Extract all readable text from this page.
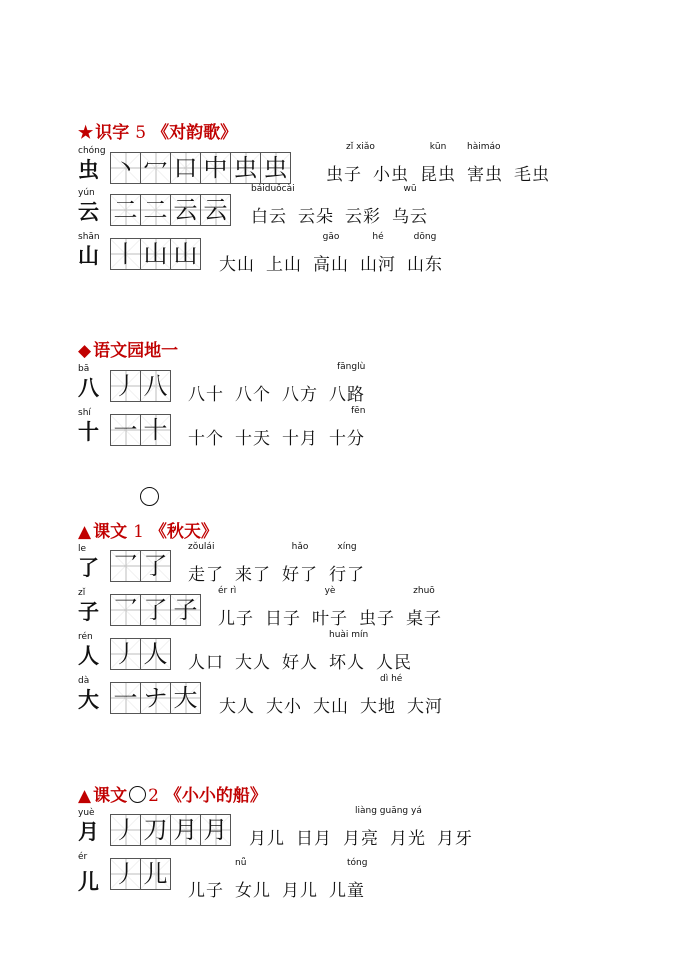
★ 识字 5 《对韵歌》
chóng
虫 丶 冖 口 中 虫 虫
zǐ xiǎo
虫子 小虫
kūn
昆虫
hàimáo
害虫 毛虫
yún
云 二 二 云 云
báiduǒcài
白云 云朵 云彩
wū
乌云
shān
山 丨 山 山 大山 上山
gāo
高山
hé
山河
dōng
山东
◆ 语文园地一
bā
八 丿 八 八十 八个 八方
fānglù
八路
shí
十 一 十 十个 十天 十月
fēn
十分
▲ 课文 1 《秋天》
le
了 乛 了
zǒulái
走了 来了
hǎo
好了
xíng
行了
zǐ
子 乛 了 子
ér rì
儿子 日子
yè
叶子 虫子
zhuō
桌子
rén
人 丿 人 人口 大人 好人
huài mín
坏人 人民
dà
大 一 ナ 大 大人 大小 大山
dì hé
大地 大河
▲ 课文 ○ 2 《小小的船》
yuè
月 丿 刀 月 月 月儿 日月
liàng guāng yá
月亮 月光 月牙
ér
儿 丿 儿
儿子
nǚ
女儿 月儿
tóng
儿童
